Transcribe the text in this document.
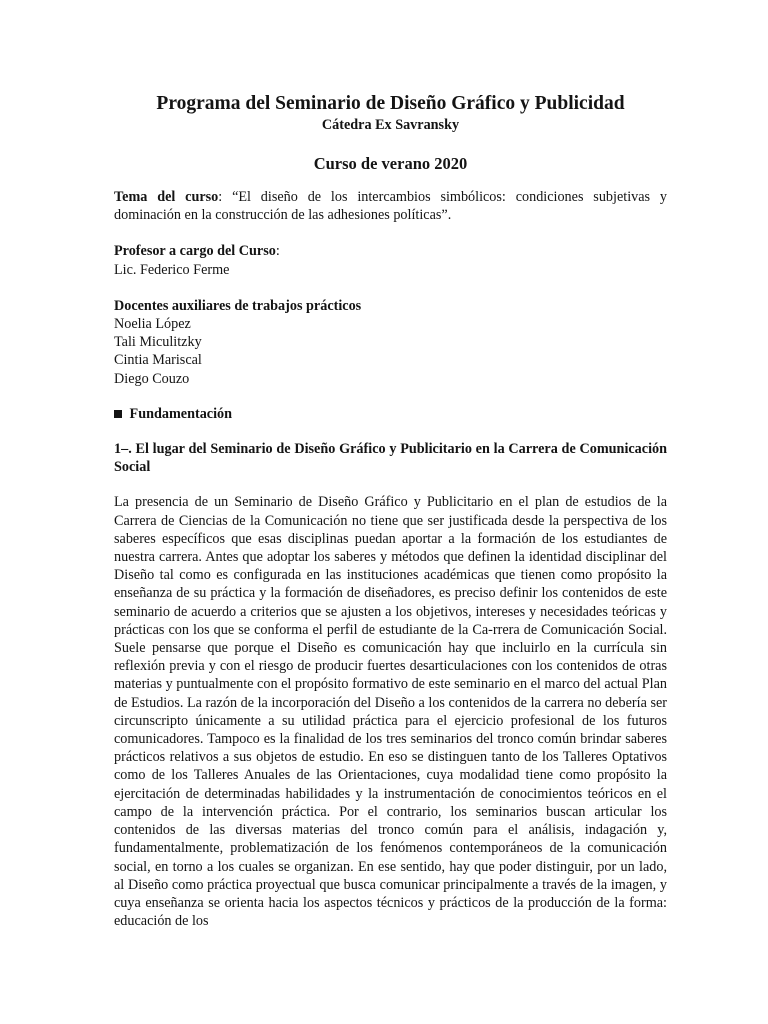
Programa del Seminario de Diseño Gráfico y Publicidad

Cátedra Ex Savransky

Curso de verano 2020

Tema del curso: “El diseño de los intercambios simbólicos: condiciones subjetivas y dominación en la construcción de las adhesiones políticas”.

Profesor a cargo del Curso:
Lic. Federico Ferme
Docentes auxiliares de trabajos prácticos
Noelia López
Tali Miculitzky
Cintia Mariscal
Diego Couzo

Fundamentación

1–. El lugar del Seminario de Diseño Gráfico y Publicitario en la Carrera de Comunicación Social

La presencia de un Seminario de Diseño Gráfico y Publicitario en el plan de estudios de la Carrera de Ciencias de la Comunicación no tiene que ser justificada desde la perspectiva de los saberes específicos que esas disciplinas puedan aportar a la formación de los estudiantes de nuestra carrera. Antes que adoptar los saberes y métodos que definen la identidad disciplinar del Diseño tal como es configurada en las instituciones académicas que tienen como propósito la enseñanza de su práctica y la formación de diseñadores, es preciso definir los contenidos de este seminario de acuerdo a criterios que se ajusten a los objetivos, intereses y necesidades teóricas y prácticas con los que se conforma el perfil de estudiante de la Ca-rrera de Comunicación Social. Suele pensarse que porque el Diseño es comunicación hay que incluirlo en la currícula sin reflexión previa y con el riesgo de producir fuertes desarticulaciones con los contenidos de otras materias y puntualmente con el propósito formativo de este seminario en el marco del actual Plan de Estudios. La razón de la incorporación del Diseño a los contenidos de la carrera no debería ser circunscripto únicamente a su utilidad práctica para el ejercicio profesional de los futuros comunicadores. Tampoco es la finalidad de los tres seminarios del tronco común brindar saberes prácticos relativos a sus objetos de estudio. En eso se distinguen tanto de los Talleres Optativos como de los Talleres Anuales de las Orientaciones, cuya modalidad tiene como propósito la ejercitación de determinadas habilidades y la instrumentación de conocimientos teóricos en el campo de la intervención práctica. Por el contrario, los seminarios buscan articular los contenidos de las diversas materias del tronco común para el análisis, indagación y, fundamentalmente, problematización de los fenómenos contemporáneos de la comunicación social, en torno a los cuales se organizan. En ese sentido, hay que poder distinguir, por un lado, al Diseño como práctica proyectual que busca comunicar principalmente a través de la imagen, y cuya enseñanza se orienta hacia los aspectos técnicos y prácticos de la producción de la forma: educación de los
